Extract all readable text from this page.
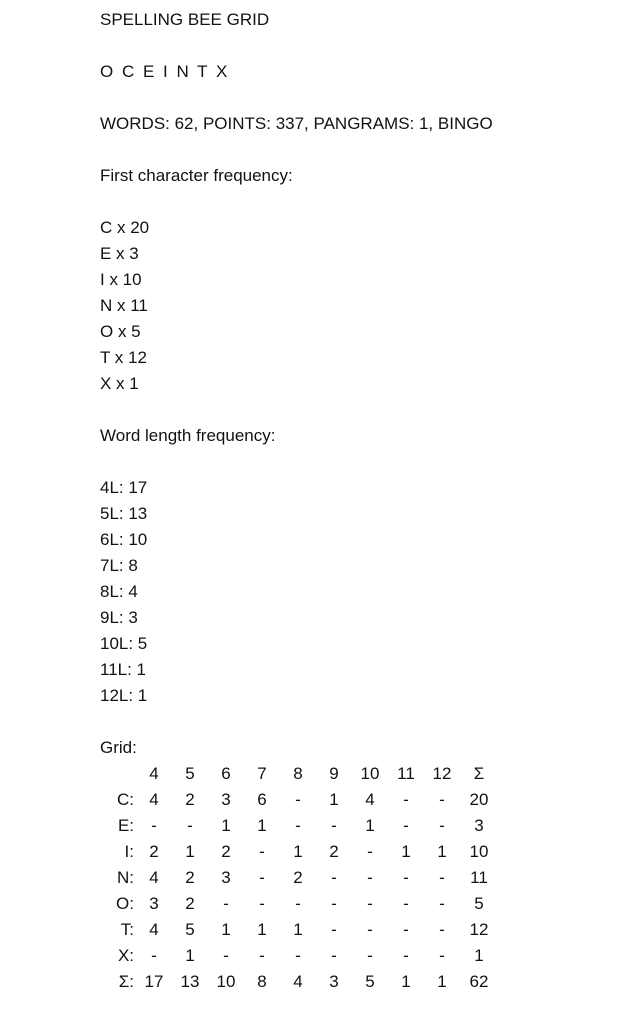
SPELLING BEE GRID
O C E I N T X
WORDS: 62, POINTS: 337, PANGRAMS: 1, BINGO
First character frequency:
C x 20
E x 3
I x 10
N x 11
O x 5
T x 12
X x 1
Word length frequency:
4L: 17
5L: 13
6L: 10
7L: 8
8L: 4
9L: 3
10L: 5
11L: 1
12L: 1
Grid:
	4	5	6	7	8	9	10	11	12	Σ
C:	4	2	3	6	-	1	4	-	-	20
E:	-	-	1	1	-	-	1	-	-	3
I:	2	1	2	-	1	2	-	1	1	10
N:	4	2	3	-	2	-	-	-	-	11
O:	3	2	-	-	-	-	-	-	-	5
T:	4	5	1	1	1	-	-	-	-	12
X:	-	1	-	-	-	-	-	-	-	1
Σ:	17	13	10	8	4	3	5	1	1	62
